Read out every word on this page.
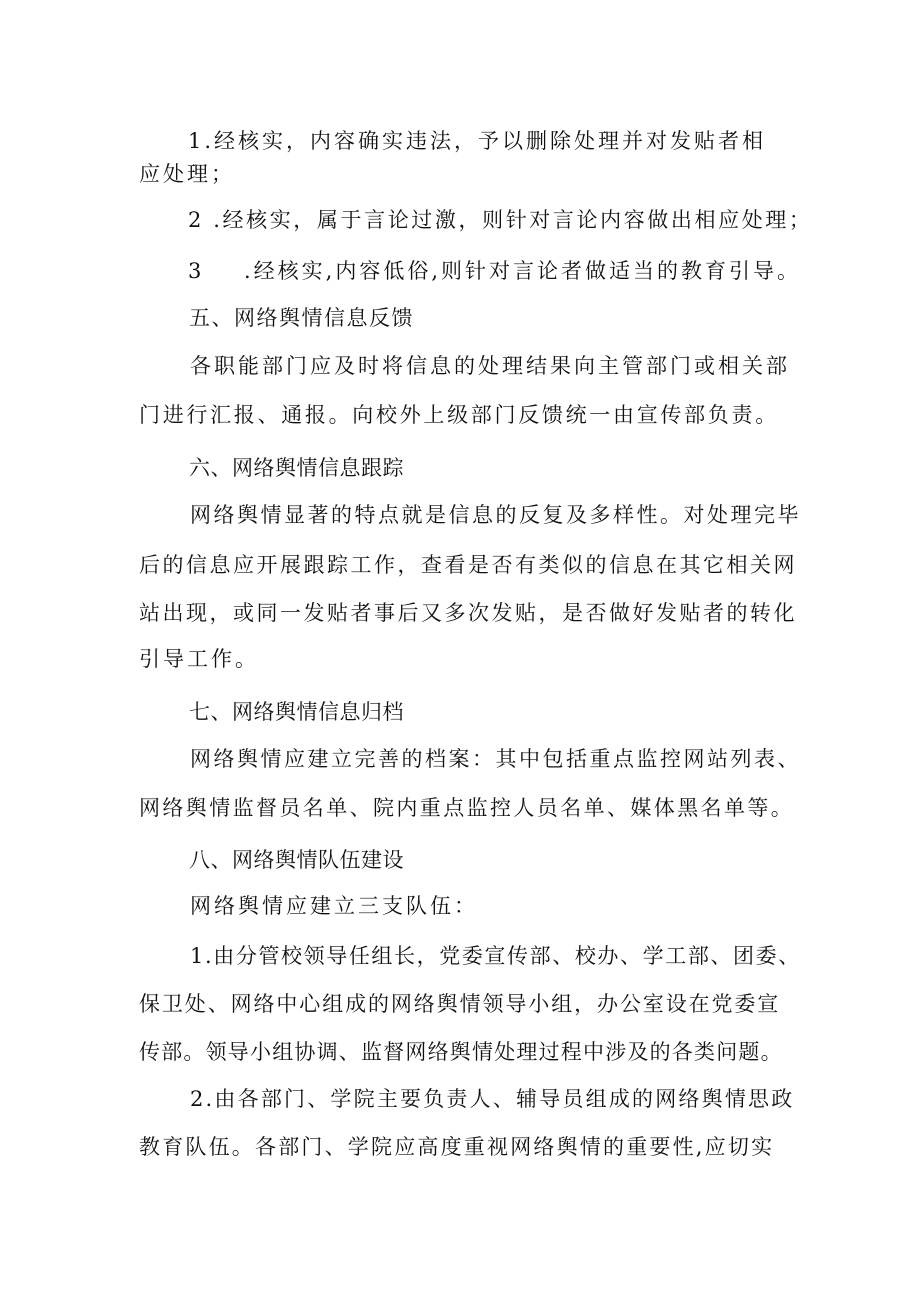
1.经核实，内容确实违法，予以删除处理并对发贴者相
应处理；
2 .经核实，属于言论过激，则针对言论内容做出相应处理；
3 .经核实,内容低俗,则针对言论者做适当的教育引导。
五、网络舆情信息反馈
各职能部门应及时将信息的处理结果向主管部门或相关部
门进行汇报、通报。向校外上级部门反馈统一由宣传部负责。
六、网络舆情信息跟踪
网络舆情显著的特点就是信息的反复及多样性。对处理完毕
后的信息应开展跟踪工作，查看是否有类似的信息在其它相关网
站出现，或同一发贴者事后又多次发贴，是否做好发贴者的转化
引导工作。
七、网络舆情信息归档
网络舆情应建立完善的档案：其中包括重点监控网站列表、
网络舆情监督员名单、院内重点监控人员名单、媒体黑名单等。
八、网络舆情队伍建设
网络舆情应建立三支队伍：
1.由分管校领导任组长，党委宣传部、校办、学工部、团委、
保卫处、网络中心组成的网络舆情领导小组，办公室设在党委宣
传部。领导小组协调、监督网络舆情处理过程中涉及的各类问题。
2.由各部门、学院主要负责人、辅导员组成的网络舆情思政
教育队伍。各部门、学院应高度重视网络舆情的重要性,应切实
